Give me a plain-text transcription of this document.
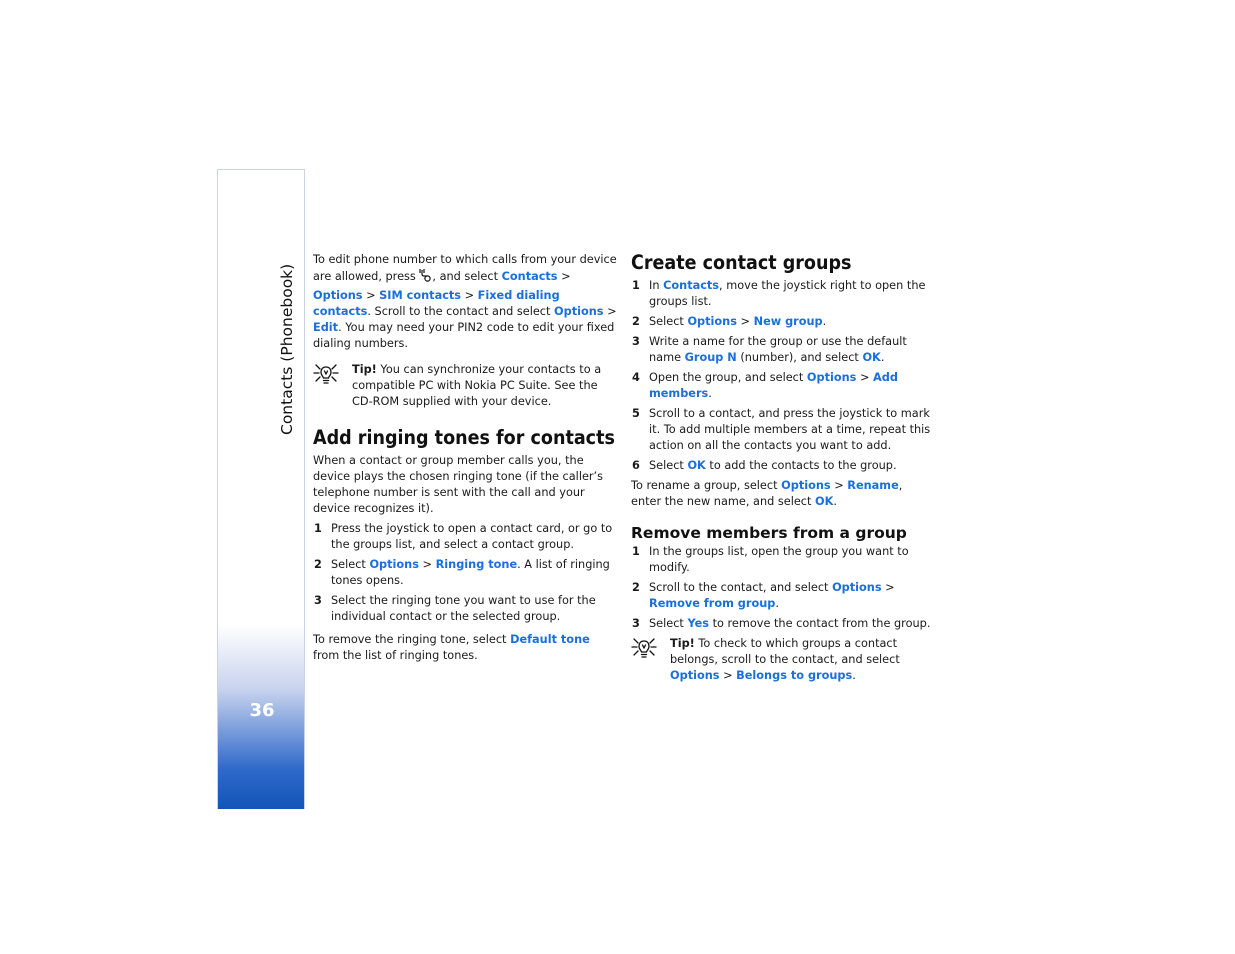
Contacts (Phonebook)
36

To edit phone number to which calls from your device are allowed, press , and select Contacts > Options > SIM contacts > Fixed dialing contacts. Scroll to the contact and select Options > Edit. You may need your PIN2 code to edit your fixed dialing numbers.

Tip! You can synchronize your contacts to a compatible PC with Nokia PC Suite. See the CD-ROM supplied with your device.

Add ringing tones for contacts

When a contact or group member calls you, the device plays the chosen ringing tone (if the caller’s telephone number is sent with the call and your device recognizes it).

1 Press the joystick to open a contact card, or go to the groups list, and select a contact group.
2 Select Options > Ringing tone. A list of ringing tones opens.
3 Select the ringing tone you want to use for the individual contact or the selected group.

To remove the ringing tone, select Default tone from the list of ringing tones.

Create contact groups
1 In Contacts, move the joystick right to open the groups list.
2 Select Options > New group.
3 Write a name for the group or use the default name Group N (number), and select OK.
4 Open the group, and select Options > Add members.
5 Scroll to a contact, and press the joystick to mark it. To add multiple members at a time, repeat this action on all the contacts you want to add.
6 Select OK to add the contacts to the group.

To rename a group, select Options > Rename, enter the new name, and select OK.

Remove members from a group
1 In the groups list, open the group you want to modify.
2 Scroll to the contact, and select Options > Remove from group.
3 Select Yes to remove the contact from the group.

Tip! To check to which groups a contact belongs, scroll to the contact, and select Options > Belongs to groups.
